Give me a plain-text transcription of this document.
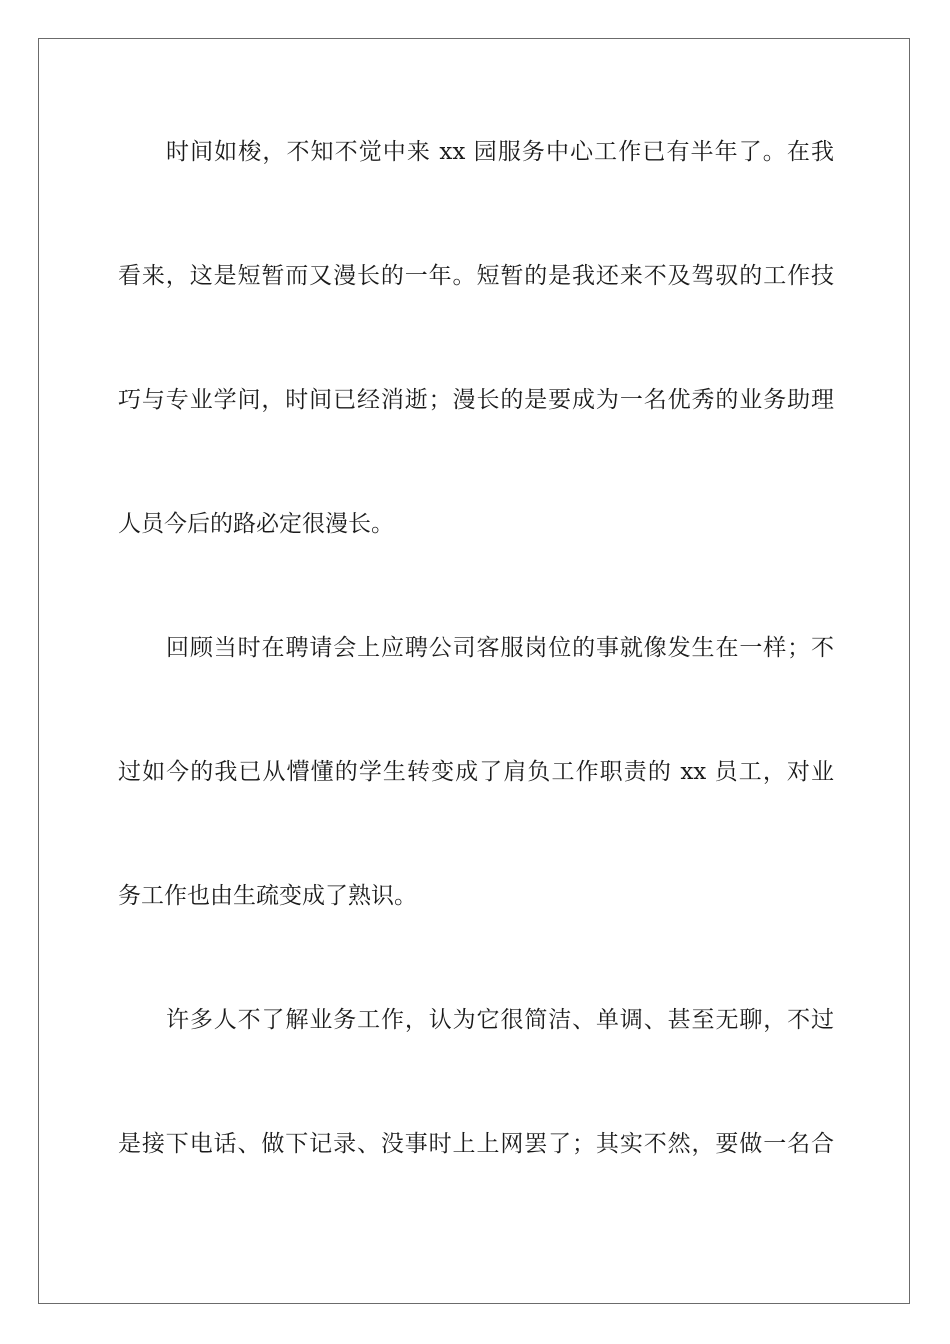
时间如梭，不知不觉中来 xx 园服务中心工作已有半年了。在我
看来，这是短暂而又漫长的一年。短暂的是我还来不及驾驭的工作技
巧与专业学问，时间已经消逝；漫长的是要成为一名优秀的业务助理
人员今后的路必定很漫长。
回顾当时在聘请会上应聘公司客服岗位的事就像发生在一样；不
过如今的我已从懵懂的学生转变成了肩负工作职责的 xx 员工，对业
务工作也由生疏变成了熟识。
许多人不了解业务工作，认为它很简洁、单调、甚至无聊，不过
是接下电话、做下记录、没事时上上网罢了；其实不然，要做一名合
